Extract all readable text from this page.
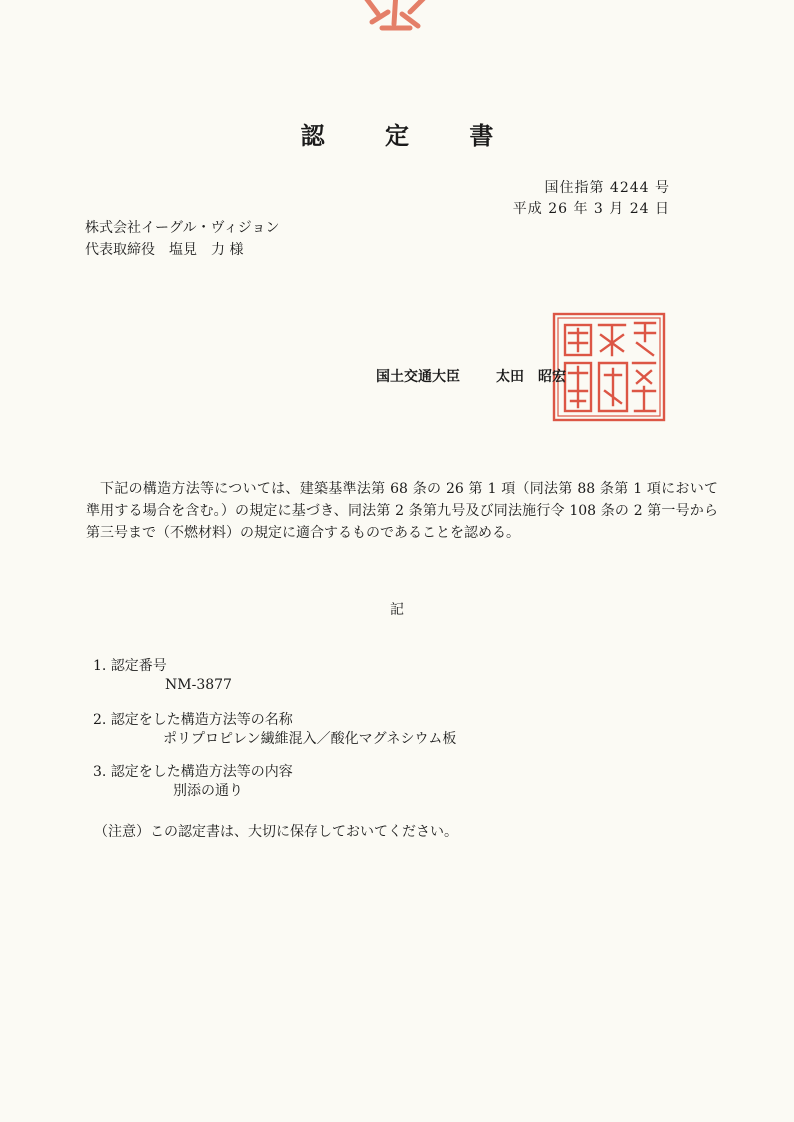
認 定 書
国住指第 4244 号
平成 26 年 3 月 24 日
株式会社イーグル・ヴィジョン
代表取締役　塩見　力 様
国土交通大臣	太田　昭宏
下記の構造方法等については、建築基準法第 68 条の 26 第 1 項（同法第 88 条第 1 項において準用する場合を含む。）の規定に基づき、同法第 2 条第九号及び同法施行令 108 条の 2 第一号から第三号まで（不燃材料）の規定に適合するものであることを認める。
記
1. 認定番号
NM-3877
2. 認定をした構造方法等の名称
ポリプロピレン繊維混入／酸化マグネシウム板
3. 認定をした構造方法等の内容
別添の通り
（注意）この認定書は、大切に保存しておいてください。
